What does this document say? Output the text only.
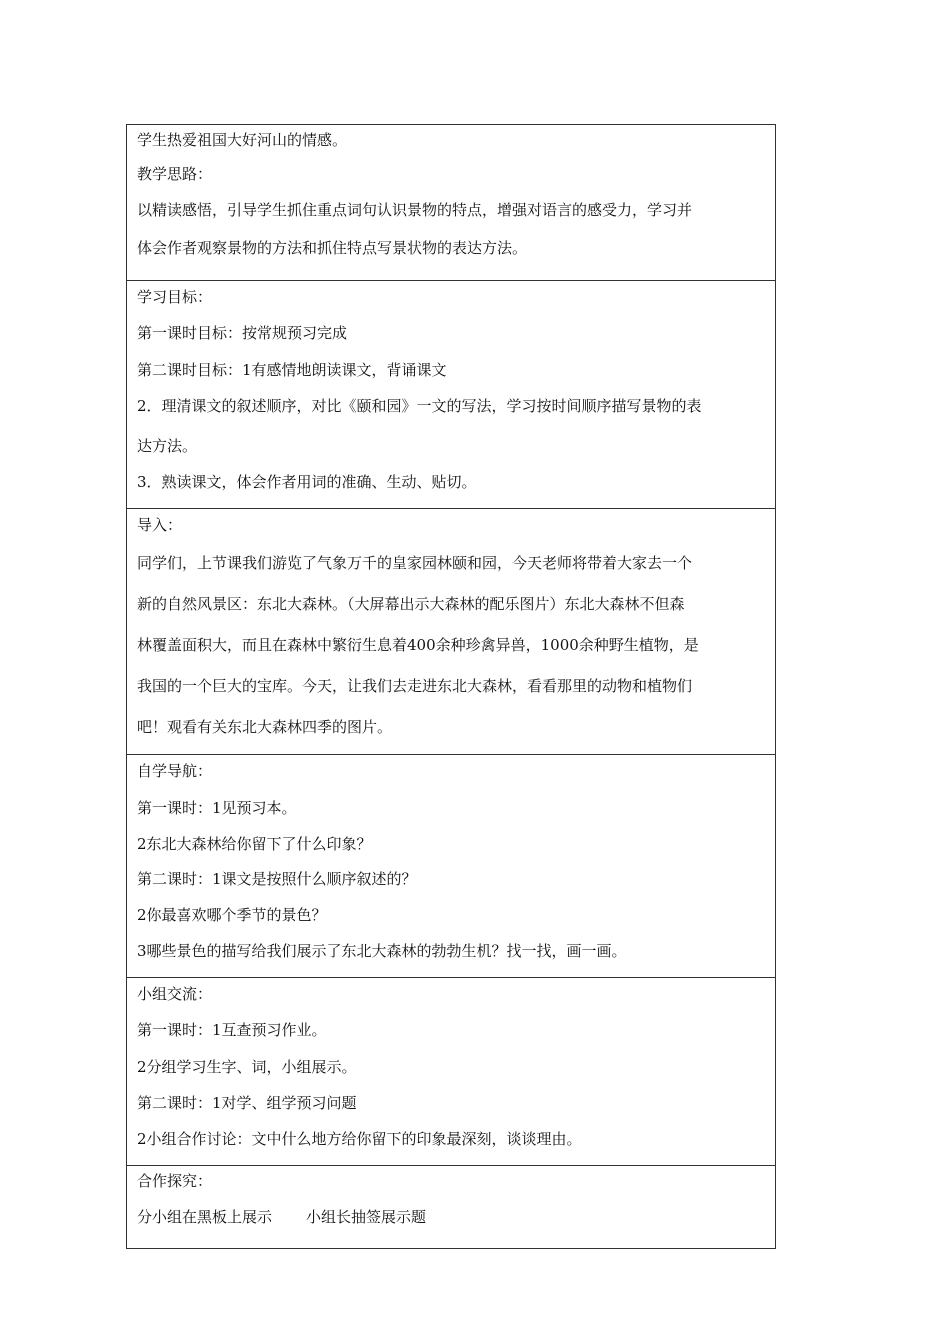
学生热爱祖国大好河山的情感。
教学思路：
以精读感悟，引导学生抓住重点词句认识景物的特点，增强对语言的感受力，学习并
体会作者观察景物的方法和抓住特点写景状物的表达方法。

学习目标：
第一课时目标：按常规预习完成
第二课时目标：1有感情地朗读课文，背诵课文
2．理清课文的叙述顺序，对比《颐和园》一文的写法，学习按时间顺序描写景物的表
达方法。
3．熟读课文，体会作者用词的准确、生动、贴切。

导入：
同学们，上节课我们游览了气象万千的皇家园林颐和园，今天老师将带着大家去一个
新的自然风景区：东北大森林。（大屏幕出示大森林的配乐图片）东北大森林不但森
林覆盖面积大，而且在森林中繁衍生息着400余种珍禽异兽，1000余种野生植物，是
我国的一个巨大的宝库。今天，让我们去走进东北大森林，看看那里的动物和植物们
吧！观看有关东北大森林四季的图片。

自学导航：
第一课时：1见预习本。
2东北大森林给你留下了什么印象？
第二课时：1课文是按照什么顺序叙述的？
2你最喜欢哪个季节的景色？
3哪些景色的描写给我们展示了东北大森林的勃勃生机？找一找，画一画。

小组交流：
第一课时：1互查预习作业。
2分组学习生字、词，小组展示。
第二课时：1对学、组学预习问题
2小组合作讨论：文中什么地方给你留下的印象最深刻，谈谈理由。

合作探究：
分小组在黑板上展示 小组长抽签展示题
